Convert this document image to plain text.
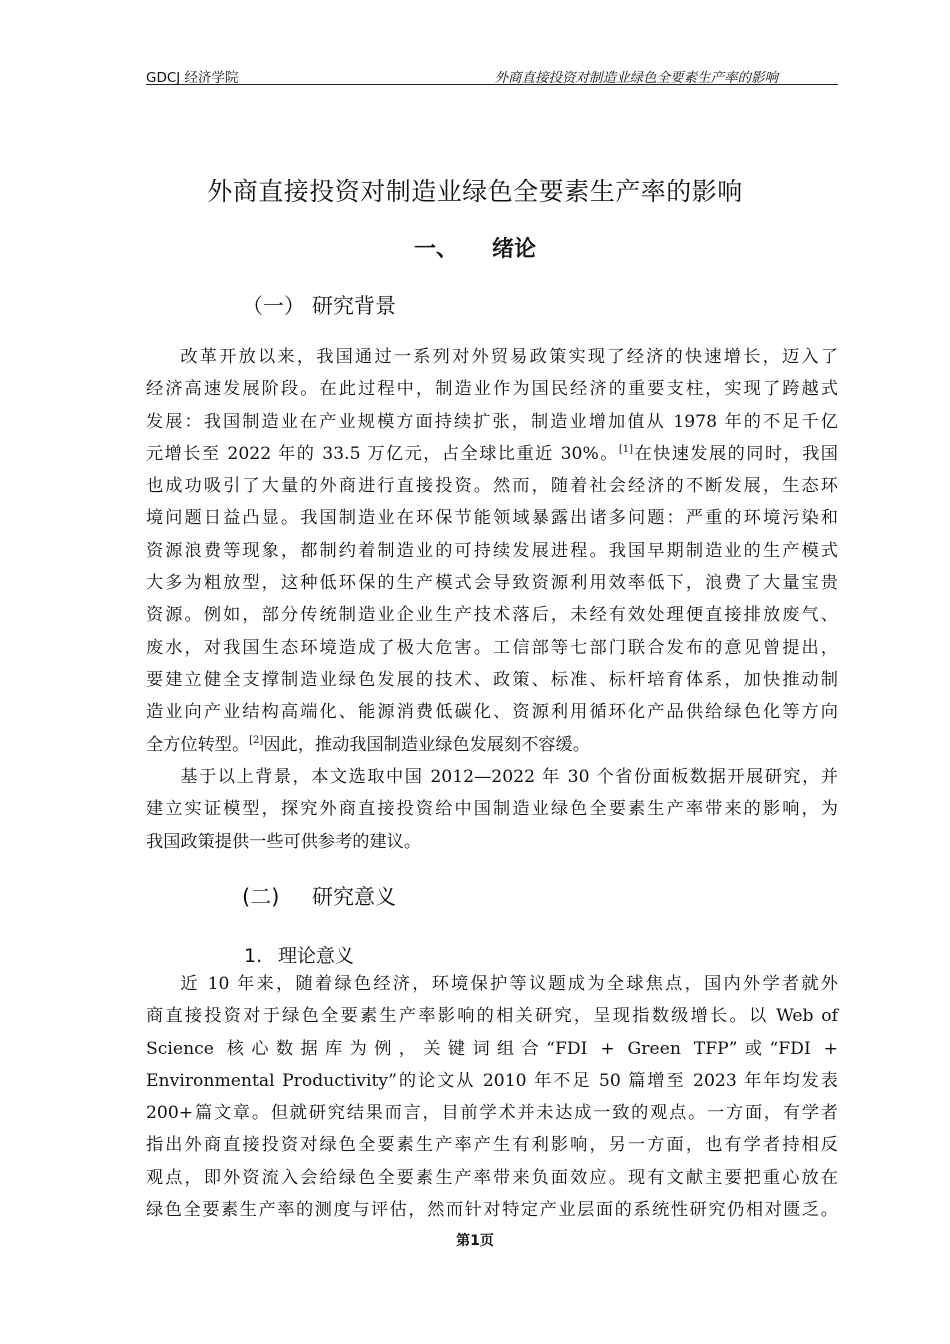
GDCJ 经济学院	外商直接投资对制造业绿色全要素生产率的影响
外商直接投资对制造业绿色全要素生产率的影响
一、 绪论
（一） 研究背景
改革开放以来，我国通过一系列对外贸易政策实现了经济的快速增长，迈入了
经济高速发展阶段。在此过程中，制造业作为国民经济的重要支柱，实现了跨越式
发展：我国制造业在产业规模方面持续扩张，制造业增加值从 1978 年的不足千亿
元增长至 2022 年的 33.5 万亿元，占全球比重近 30%。[1]在快速发展的同时，我国
也成功吸引了大量的外商进行直接投资。然而，随着社会经济的不断发展，生态环
境问题日益凸显。我国制造业在环保节能领域暴露出诸多问题：严重的环境污染和
资源浪费等现象，都制约着制造业的可持续发展进程。我国早期制造业的生产模式
大多为粗放型，这种低环保的生产模式会导致资源利用效率低下，浪费了大量宝贵
资源。例如，部分传统制造业企业生产技术落后，未经有效处理便直接排放废气、
废水，对我国生态环境造成了极大危害。工信部等七部门联合发布的意见曾提出，
要建立健全支撑制造业绿色发展的技术、政策、标准、标杆培育体系，加快推动制
造业向产业结构高端化、能源消费低碳化、资源利用循环化产品供给绿色化等方向
全方位转型。[2]因此，推动我国制造业绿色发展刻不容缓。
基于以上背景，本文选取中国 2012—2022 年 30 个省份面板数据开展研究，并
建立实证模型，探究外商直接投资给中国制造业绿色全要素生产率带来的影响，为
我国政策提供一些可供参考的建议。
(二) 研究意义
1. 理论意义
近 10 年来，随着绿色经济，环境保护等议题成为全球焦点，国内外学者就外
商直接投资对于绿色全要素生产率影响的相关研究，呈现指数级增长。以 Web of
Science 核心数据库为例，关键词组合“FDI + Green TFP”或“FDI +
Environmental Productivity”的论文从 2010 年不足 50 篇增至 2023 年年均发表
200+篇文章。但就研究结果而言，目前学术并未达成一致的观点。一方面，有学者
指出外商直接投资对绿色全要素生产率产生有利影响，另一方面，也有学者持相反
观点，即外资流入会给绿色全要素生产率带来负面效应。现有文献主要把重心放在
绿色全要素生产率的测度与评估，然而针对特定产业层面的系统性研究仍相对匮乏。
第1页
